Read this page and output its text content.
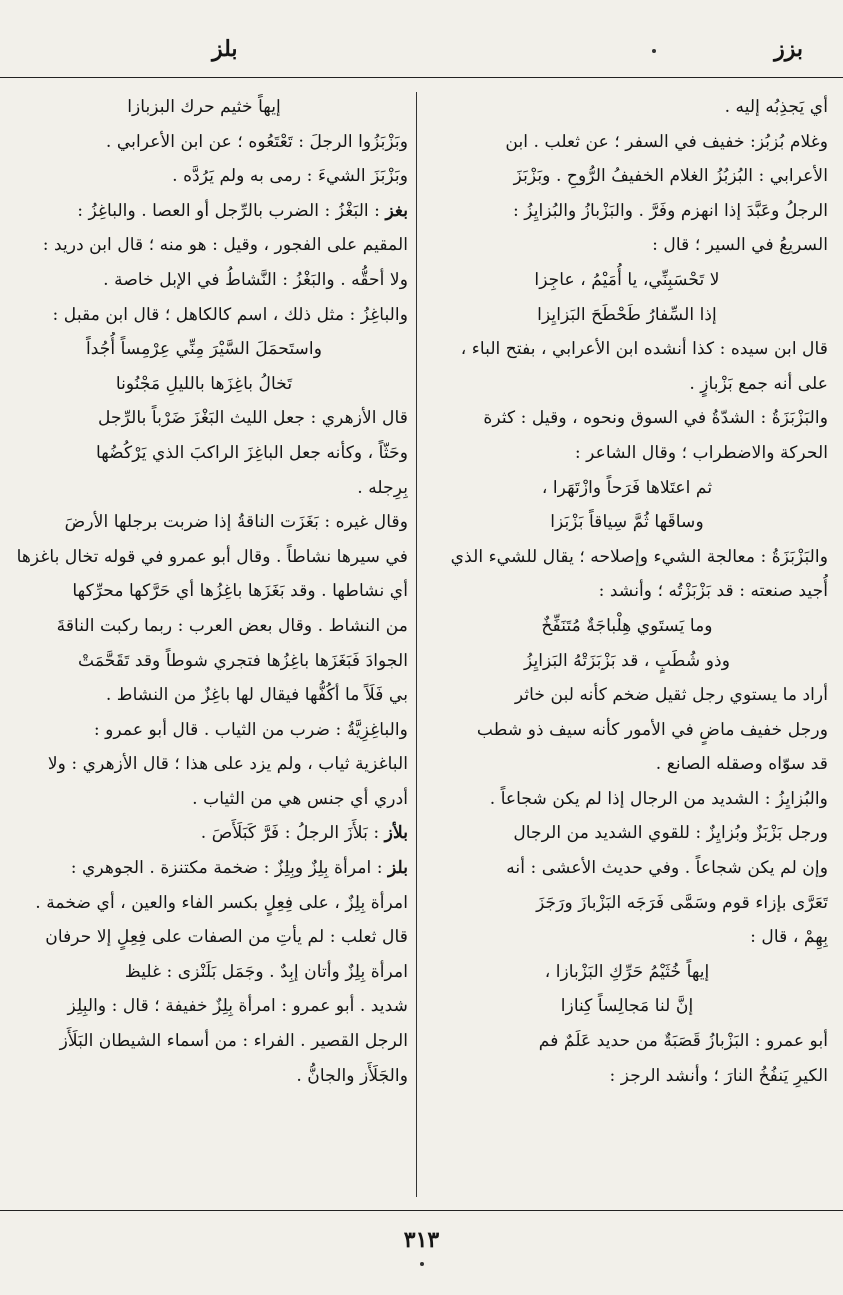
بزز
بلز
أي يَجذِبُه إليه .
وغلام بُزبُز: خفيف في السفر ؛ عن ثعلب . ابن
الأعرابي : البُزبُزُ الغلام الخفيفُ الرُّوحِ . وبَزْبَزَ
الرجلُ وعَبَّدَ إذا انهزم وفَرَّ . والبَزْبازُ والبُزايِزُ :
السريعُ في السير ؛ قال :
لا تَحْسَبِنِّي، يا أُمَيْمُ ، عاجِزا
إذا السِّفارُ طَحْطَحَ البَزايِزا
قال ابن سيده : كذا أنشده ابن الأعرابي ، بفتح الباء ،
على أنه جمع بَزْبازٍ .
والبَزْبَزَةُ : الشدّةُ في السوق ونحوه ، وقيل : كثرة
الحركة والاضطراب ؛ وقال الشاعر :
ثم اعتَلاها فَرَحاً وازْتَهَرا ،
وساقَها ثُمَّ سِياقاً بَزْبَزا
والبَزْبَزَةُ : معالجة الشيء وإصلاحه ؛ يقال للشيء الذي
أُجيد صنعته : قد بَزْبَزْتُه ؛ وأنشد :
وما يَستَوي هِلْباجَةٌ مُتَنَفِّخٌ
وذو شُطَبٍ ، قد بَزْبَزَتْهُ البَزايِزُ
أراد ما يستوي رجل ثقيل ضخم كأنه لبن خاثر
ورجل خفيف ماضٍ في الأمور كأنه سيف ذو شطب
قد سوّاه وصقله الصانع .
والبُزايِزُ : الشديد من الرجال إذا لم يكن شجاعاً .
ورجل بَزْبَزٌ وبُزايِزٌ : للقوي الشديد من الرجال
وإن لم يكن شجاعاً . وفي حديث الأعشى : أنه
تَعَرَّى بإزاء قوم وسَمَّى فَرَجَه البَزْبازَ ورَجَزَ
بِهِمْ ، قال :
إيهاً خُثَيْمُ حَرِّكِ البَزْبازا ،
إنَّ لنا مَجالِساً كِنازا
أبو عمرو : البَزْبازُ قَصَبَةٌ من حديد عَلَمٌ فم
الكيرِ يَنفُخُ النارَ ؛ وأنشد الرجز :
إيهاً خثيم حرك البزبازا
وبَزْبَزُوا الرجلَ : تَعْتَعُوه ؛ عن ابن الأعرابي .
وبَزْبَزَ الشيءَ : رمى به ولم يَرُدَّه .
بغز : البَغْزُ : الضرب بالرِّجل أو العصا . والباغِزُ :
المقيم على الفجور ، وقيل : هو منه ؛ قال ابن دريد :
ولا أحقُّه . والبَغْزُ : النَّشاطُ في الإبل خاصة .
والباغِزُ : مثل ذلك ، اسم كالكاهل ؛ قال ابن مقبل :
واستَحمَلَ السَّيْرَ مِنِّي عِرْمِساً أُجُداً
تَخالُ باغِزَها بالليلِ مَجْنُونا
قال الأزهري : جعل الليث البَغْزَ ضَرْباً بالرِّجل
وحَثّاً ، وكأنه جعل الباغِزَ الراكبَ الذي يَرْكُضُها
بِرِجله .
وقال غيره : بَغَزَت الناقةُ إذا ضربت برجلها الأرضَ
في سيرها نشاطاً . وقال أبو عمرو في قوله تخال باغزها
أي نشاطها . وقد بَغَزَها باغِزُها أي حَرَّكها محرِّكها
من النشاط . وقال بعض العرب : ربما ركبت الناقةَ
الجوادَ فَبَغَزَها باغِزُها فتجري شوطاً وقد تَقَحَّمَتْ
بي فَلَاً ما أكُفُّها فيقال لها باغِزٌ من النشاط .
والباغِزِيَّةُ : ضرب من الثياب . قال أبو عمرو :
الباغزية ثياب ، ولم يزد على هذا ؛ قال الأزهري : ولا
أدري أي جنس هي من الثياب .
بلأز : بَلأَزَ الرجلُ : فَرَّ كَبَلَأَصَ .
بلز : امرأة بِلِزٌ وبِلِزٌ : ضخمة مكتنزة . الجوهري :
امرأة بِلِزٌ ، على فِعِلٍ بكسر الفاء والعين ، أي ضخمة .
قال ثعلب : لم يأتِ من الصفات على فِعِلٍ إلا حرفان
امرأة بِلِزٌ وأتان إبِدٌ . وجَمَل بَلَنْزى : غليظ
شديد . أبو عمرو : امرأة بِلِزٌ خفيفة ؛ قال : والبِلِز
الرجل القصير . الفراء : من أسماء الشيطان البَلَأَز
والجَلَأَز والجانُّ .
٣١٣
